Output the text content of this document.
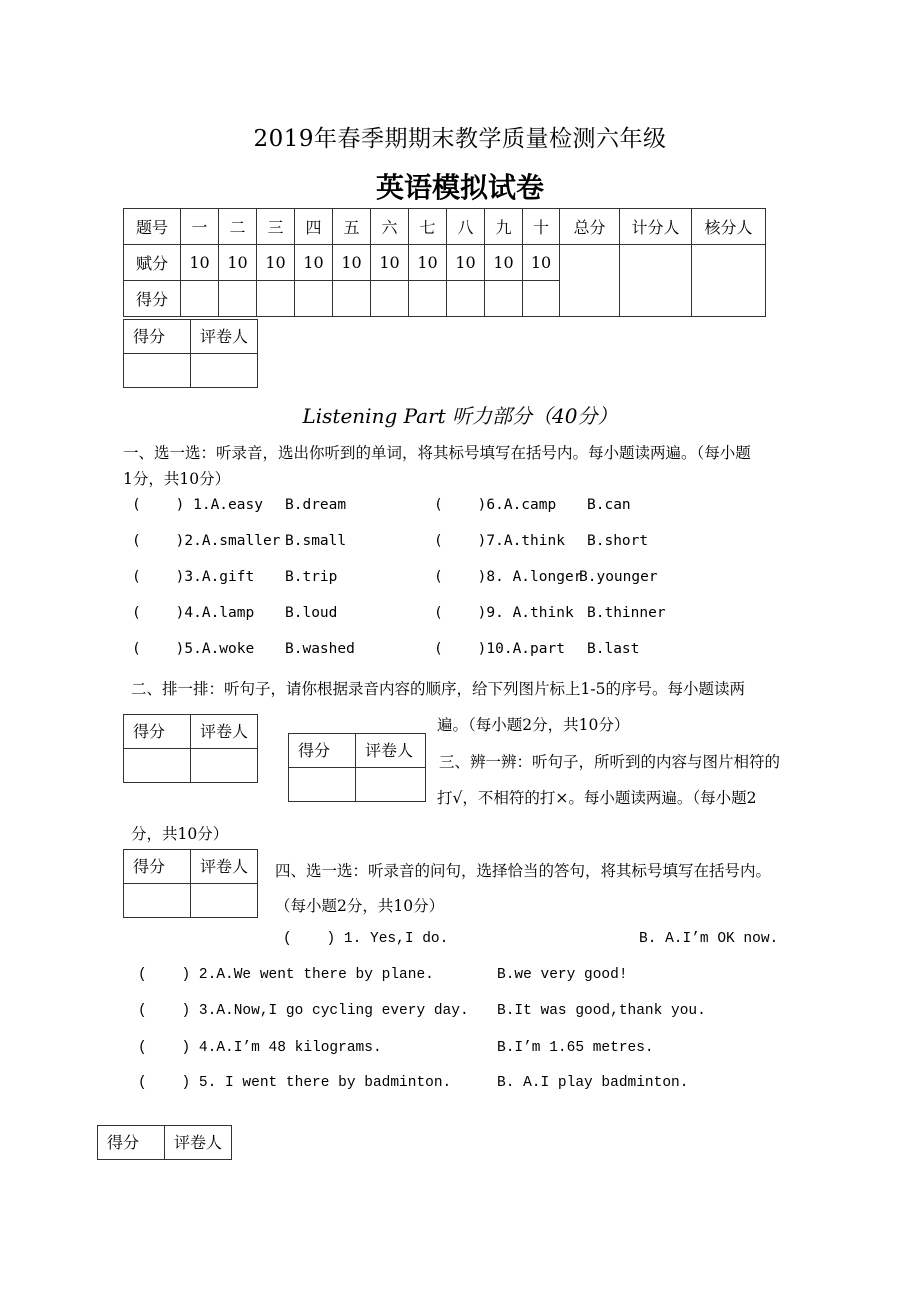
2019年春季期期末教学质量检测六年级
英语模拟试卷
题号	一	二	三	四	五	六	七	八	九	十	总分	计分人	核分人
赋分	10	10	10	10	10	10	10	10	10	10			
得分													
得分	评卷人

Listening Part 听力部分（40分）
一、选一选：听录音，选出你听到的单词，将其标号填写在括号内。每小题读两遍。（每小题
1分，共10分）
(    ) 1.A.easy B.dream
(    )2.A.smaller B.small
(    )3.A.gift B.trip
(    )4.A.lamp B.loud
(    )5.A.woke B.washed
(    )6.A.camp B.can
(    )7.A.think B.short
(    )8. A.longer
B.younger
(    )9. A.think B.thinner
(    )10.A.part B.last
二、排一排：听句子，请你根据录音内容的顺序，给下列图片标上1-5的序号。每小题读两
遍。（每小题2分，共10分）
得分	评卷人

得分	评卷人

三、辨一辨：听句子，所听到的内容与图片相符的
打√，不相符的打×。每小题读两遍。（每小题2
分，共10分）
得分	评卷人
	四、选一选：听录音的问句，选择恰当的答句，将其标号填写在括号内。
（每小题2分，共10分）
(    ) 1. Yes,I do.	B. A.I’m OK now.
(    ) 2.A.We went there by plane.	B.we very good!
(    ) 3.A.Now,I go cycling every day. B.It was good,thank you.
(    ) 4.A.I’m 48 kilograms.	B.I’m 1.65 metres.
(    ) 5. I went there by badminton.	B. A.I play badminton.
得分	评卷人
